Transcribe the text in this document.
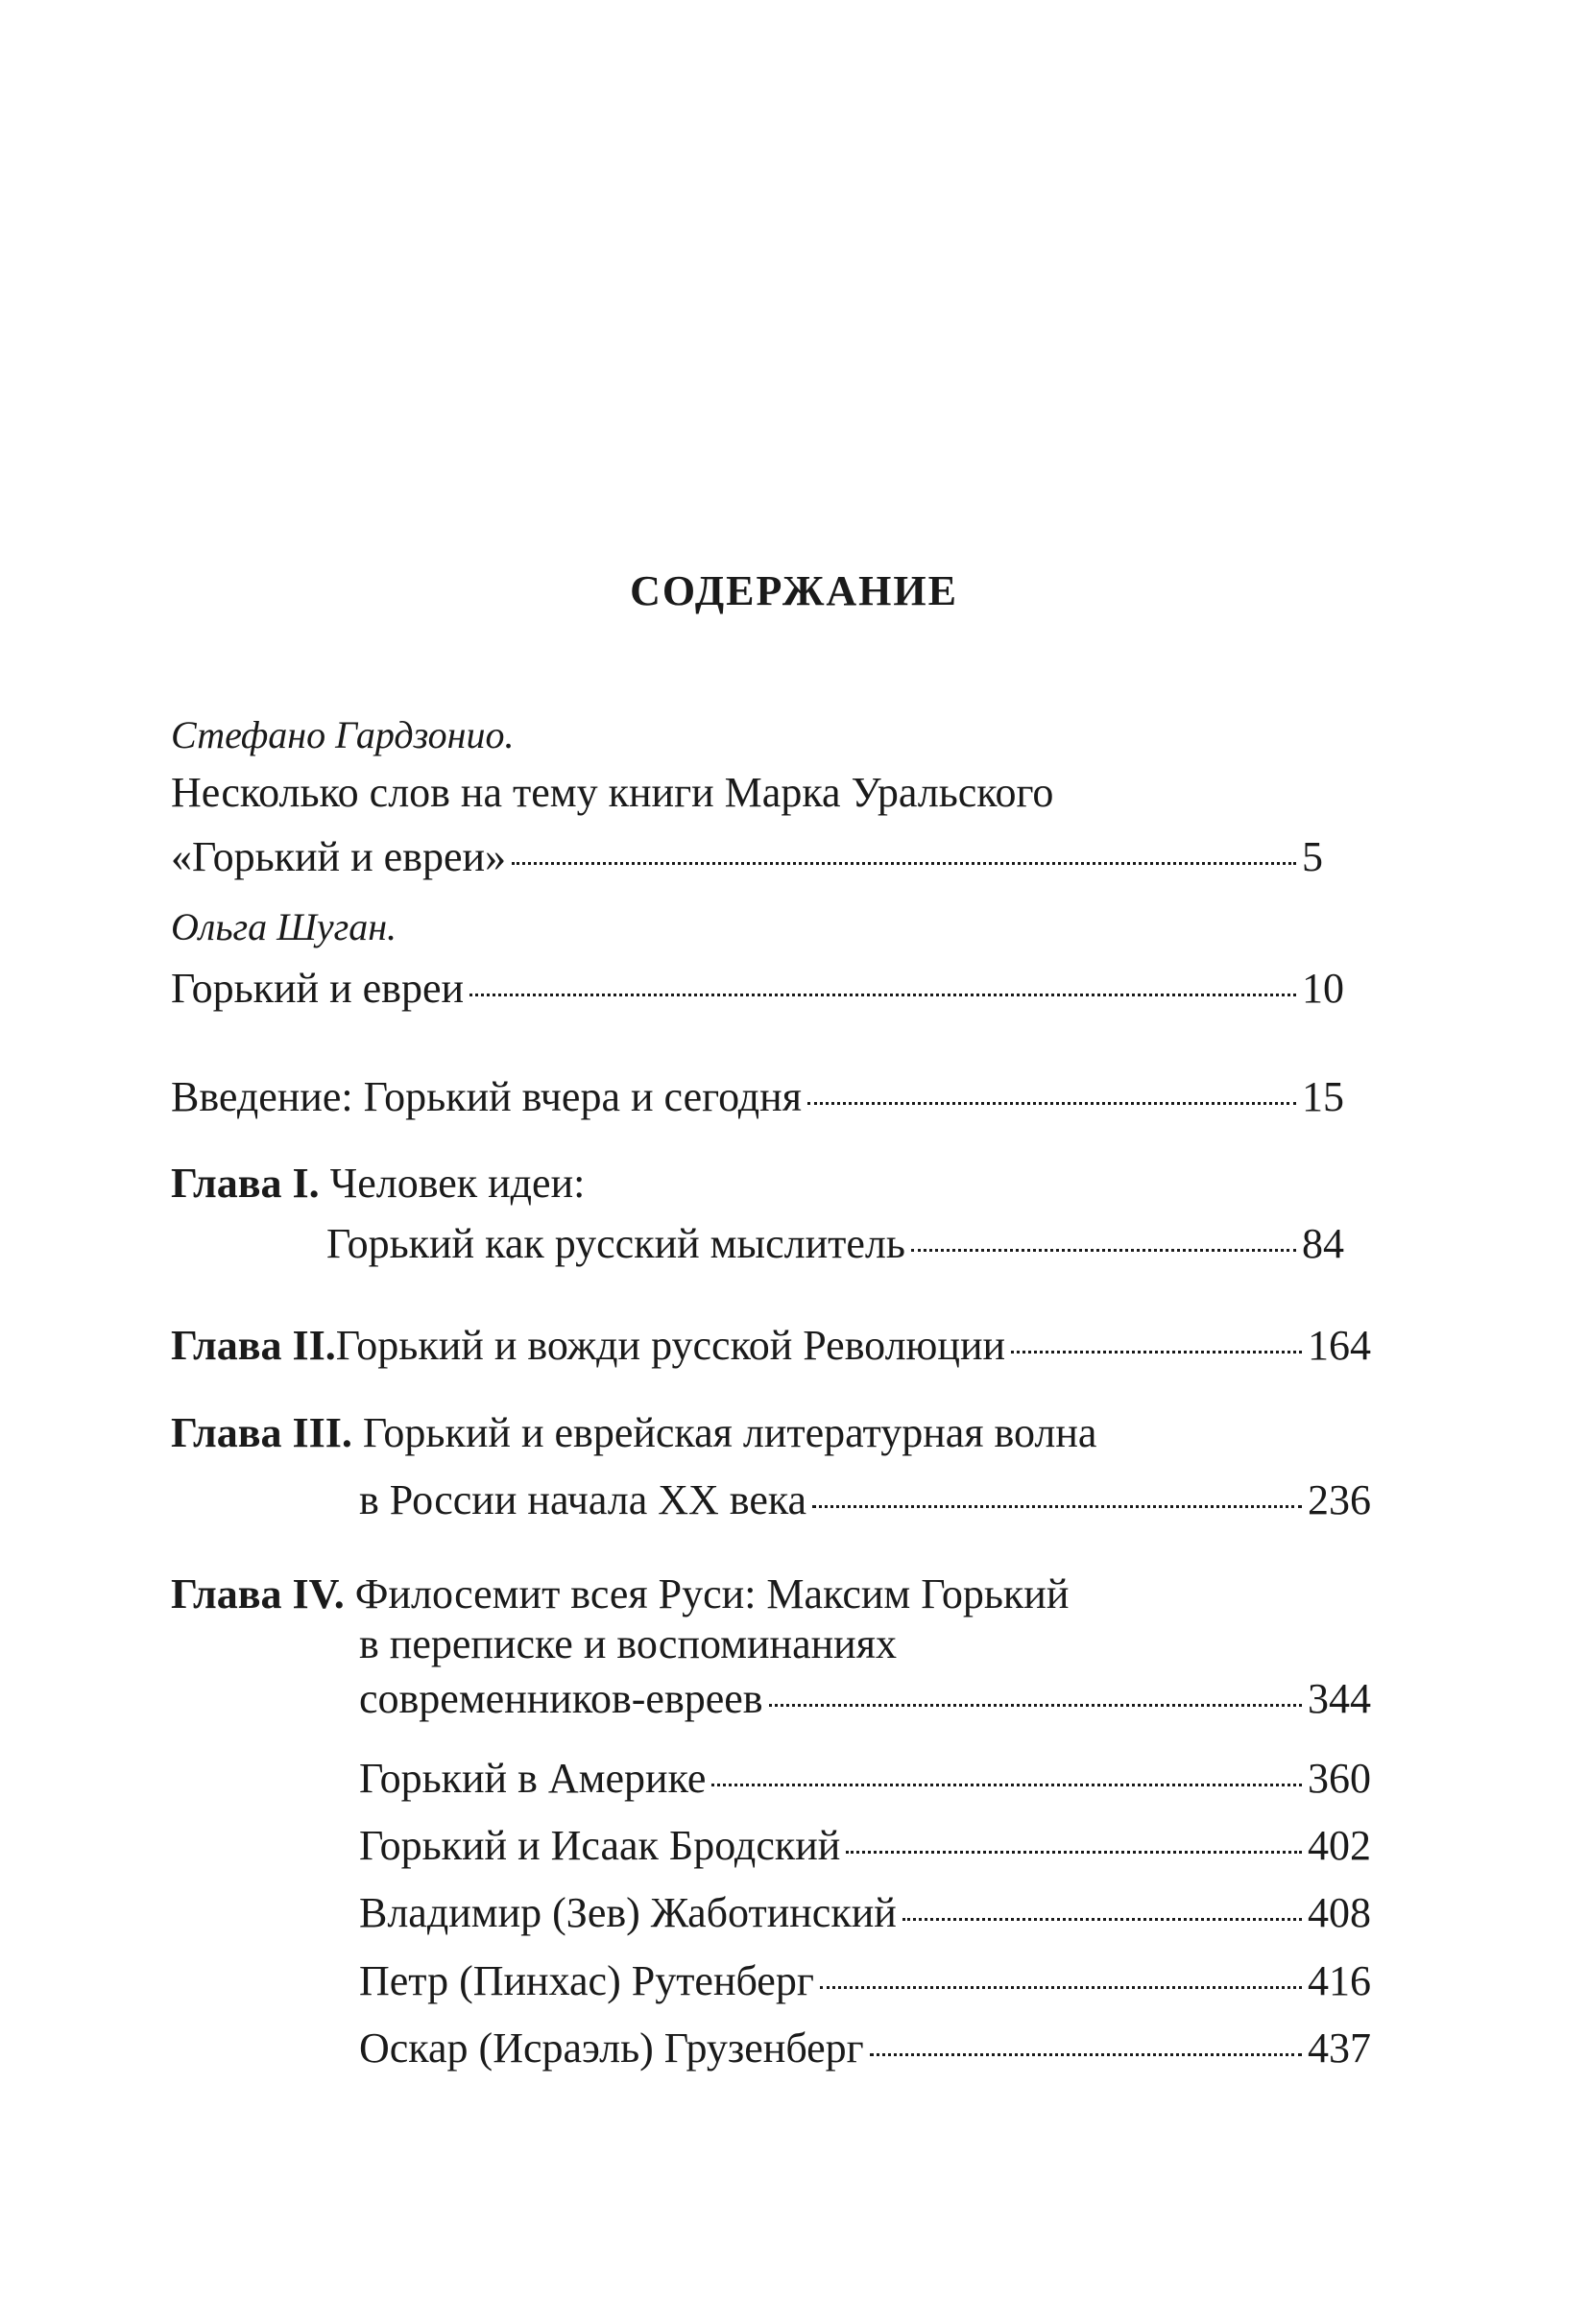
СОДЕРЖАНИЕ
Стефано Гардзонио.
Несколько слов на тему книги Марка Уральского
«Горький и евреи»	5
Ольга Шуган.
Горький и евреи	10
Введение: Горький вчера и сегодня	15
Глава I. Человек идеи:
Горький как русский мыслитель	84
Глава II. Горький и вожди русской Революции	164
Глава III. Горький и еврейская литературная волна
в России начала XX века	236
Глава IV. Филосемит всея Руси: Максим Горький
в переписке и воспоминаниях
современников-евреев	344
Горький в Америке	360
Горький и Исаак Бродский	402
Владимир (Зев) Жаботинский	408
Петр (Пинхас) Рутенберг	416
Оскар (Исраэль) Грузенберг	437
